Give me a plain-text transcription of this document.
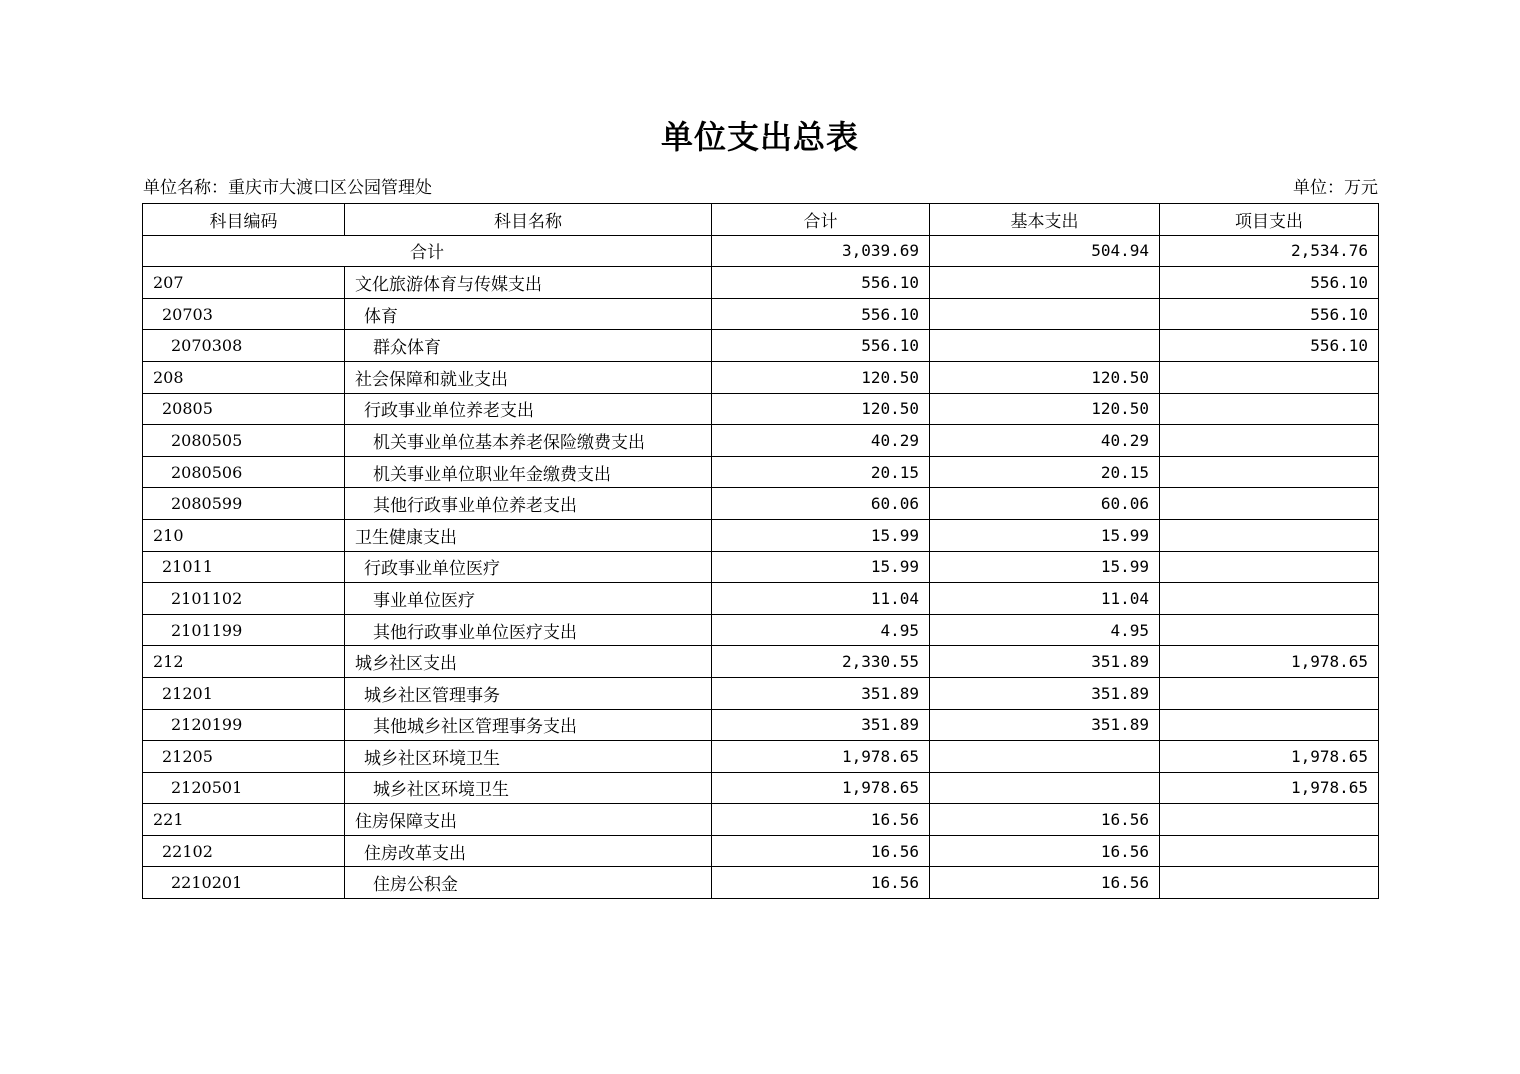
单位支出总表
单位名称：重庆市大渡口区公园管理处	单位：万元
科目编码	科目名称	合计	基本支出	项目支出
合计		3,039.69	504.94	2,534.76
207	文化旅游体育与传媒支出	556.10		556.10
20703	体育	556.10		556.10
2070308	群众体育	556.10		556.10
208	社会保障和就业支出	120.50	120.50	
20805	行政事业单位养老支出	120.50	120.50	
2080505	机关事业单位基本养老保险缴费支出	40.29	40.29	
2080506	机关事业单位职业年金缴费支出	20.15	20.15	
2080599	其他行政事业单位养老支出	60.06	60.06	
210	卫生健康支出	15.99	15.99	
21011	行政事业单位医疗	15.99	15.99	
2101102	事业单位医疗	11.04	11.04	
2101199	其他行政事业单位医疗支出	4.95	4.95	
212	城乡社区支出	2,330.55	351.89	1,978.65
21201	城乡社区管理事务	351.89	351.89	
2120199	其他城乡社区管理事务支出	351.89	351.89	
21205	城乡社区环境卫生	1,978.65		1,978.65
2120501	城乡社区环境卫生	1,978.65		1,978.65
221	住房保障支出	16.56	16.56	
22102	住房改革支出	16.56	16.56	
2210201	住房公积金	16.56	16.56	
